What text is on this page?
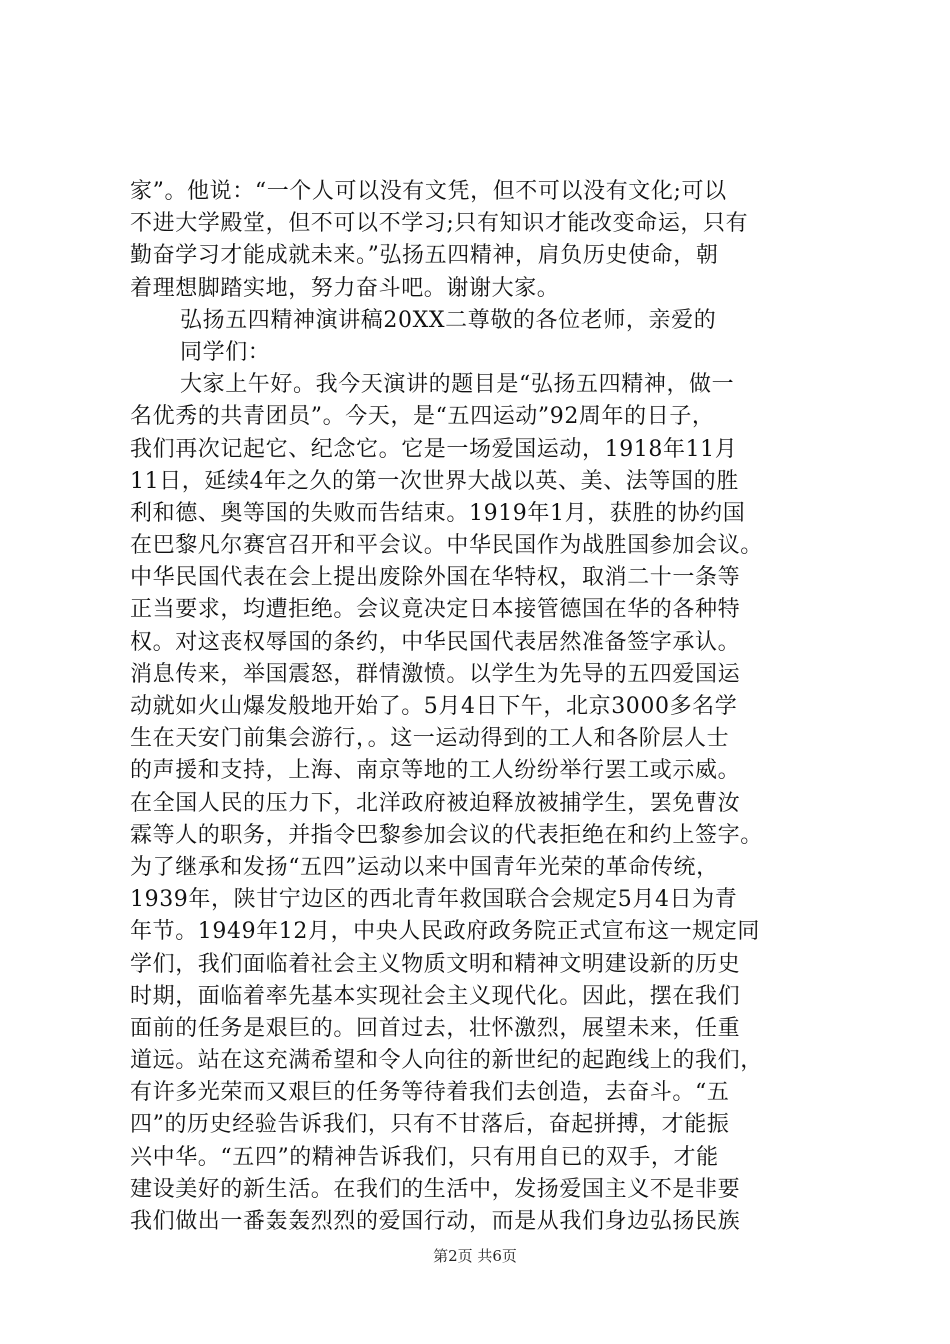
家”。他说：“一个人可以没有文凭，但不可以没有文化;可以
不进大学殿堂，但不可以不学习;只有知识才能改变命运，只有
勤奋学习才能成就未来。”弘扬五四精神，肩负历史使命，朝
着理想脚踏实地，努力奋斗吧。谢谢大家。
弘扬五四精神演讲稿20XX二尊敬的各位老师，亲爱的
同学们：
大家上午好。我今天演讲的题目是“弘扬五四精神，做一
名优秀的共青团员”。今天，是“五四运动”92周年的日子，
我们再次记起它、纪念它。它是一场爱国运动，1918年11月
11日，延续4年之久的第一次世界大战以英、美、法等国的胜
利和德、奥等国的失败而告结束。1919年1月，获胜的协约国
在巴黎凡尔赛宫召开和平会议。中华民国作为战胜国参加会议。
中华民国代表在会上提出废除外国在华特权，取消二十一条等
正当要求，均遭拒绝。会议竟决定日本接管德国在华的各种特
权。对这丧权辱国的条约，中华民国代表居然准备签字承认。
消息传来，举国震怒，群情激愤。以学生为先导的五四爱国运
动就如火山爆发般地开始了。5月4日下午，北京3000多名学
生在天安门前集会游行，。这一运动得到的工人和各阶层人士
的声援和支持，上海、南京等地的工人纷纷举行罢工或示威。
在全国人民的压力下，北洋政府被迫释放被捕学生，罢免曹汝
霖等人的职务，并指令巴黎参加会议的代表拒绝在和约上签字。
为了继承和发扬“五四”运动以来中国青年光荣的革命传统，
1939年，陕甘宁边区的西北青年救国联合会规定5月4日为青
年节。1949年12月，中央人民政府政务院正式宣布这一规定同
学们，我们面临着社会主义物质文明和精神文明建设新的历史
时期，面临着率先基本实现社会主义现代化。因此，摆在我们
面前的任务是艰巨的。回首过去，壮怀激烈，展望未来，任重
道远。站在这充满希望和令人向往的新世纪的起跑线上的我们，
有许多光荣而又艰巨的任务等待着我们去创造，去奋斗。“五
四”的历史经验告诉我们，只有不甘落后，奋起拼搏，才能振
兴中华。“五四”的精神告诉我们，只有用自已的双手，才能
建设美好的新生活。在我们的生活中，发扬爱国主义不是非要
我们做出一番轰轰烈烈的爱国行动，而是从我们身边弘扬民族
第2页 共6页
